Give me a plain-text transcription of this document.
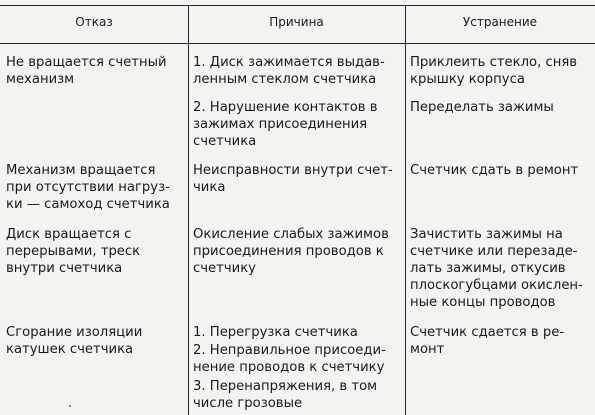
Отказ	Причина	Устранение
Не вращается счетный
механизм
1. Диск зажимается выдав-
ленным стеклом счетчика
2. Нарушение контактов в
зажимах присоединения
счетчика
Приклеить стекло, сняв
крышку корпуса
Переделать зажимы
Механизм вращается
при отсутствии нагруз-
ки — самоход счетчика
Неисправности внутри счет-
чика
Счетчик сдать в ремонт
Диск вращается с
перерывами, треск
внутри счетчика
Окисление слабых зажимов
присоединения проводов к
счетчику
Зачистить зажимы на
счетчике или перезаде-
лать зажимы, откусив
плоскогубцами окислен-
ные концы проводов
Сгорание изоляции
катушек счетчика
1. Перегрузка счетчика
2. Неправильное присоеди-
нение проводов к счетчику
3. Перенапряжения, в том
числе грозовые
Счетчик сдается в ре-
монт
